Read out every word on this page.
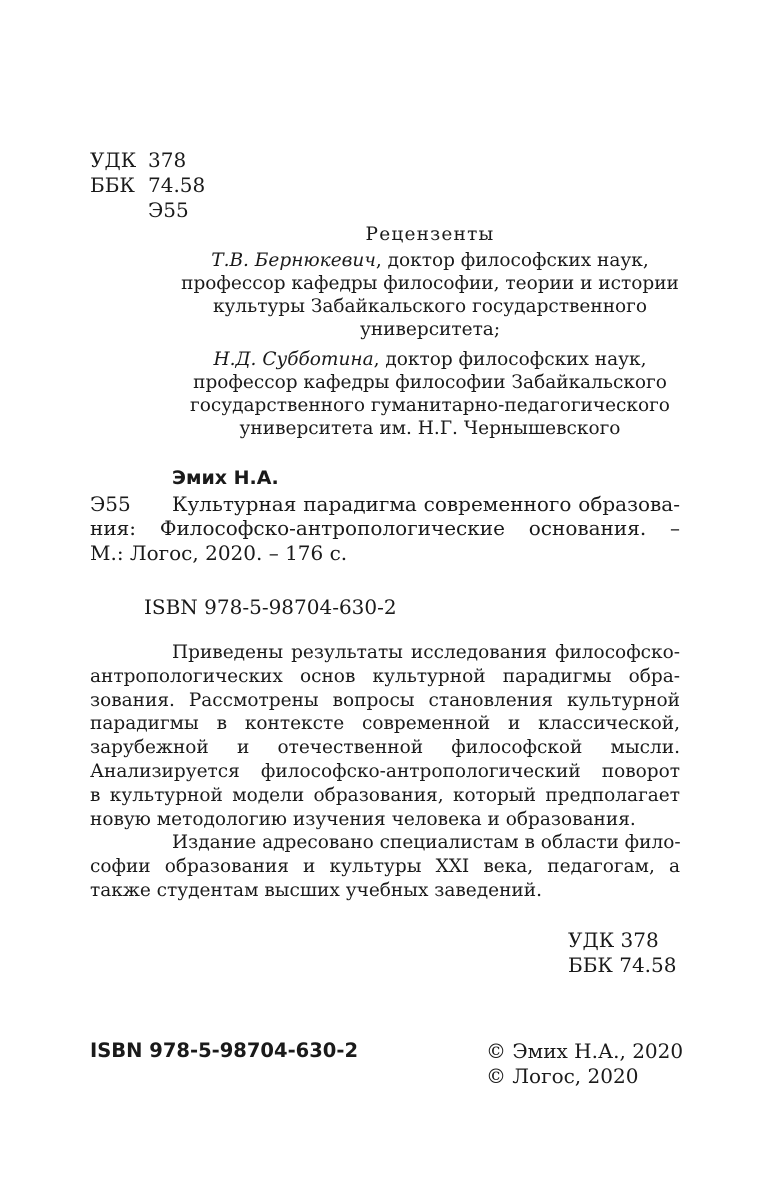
УДК 378
ББК 74.58
Э55
Рецензенты
Т.В. Бернюкевич, доктор философских наук,
профессор кафедры философии, теории и истории
культуры Забайкальского государственного
университета;
Н.Д. Субботина, доктор философских наук,
профессор кафедры философии Забайкальского
государственного гуманитарно-педагогического
университета им. Н.Г. Чернышевского
Эмих Н.А.
Э55 Культурная парадигма современного образова-
ния: Философско-антропологические основания. –
М.: Логос, 2020. – 176 с.
ISBN 978-5-98704-630-2
Приведены результаты исследования философско-
антропологических основ культурной парадигмы обра-
зования. Рассмотрены вопросы становления культурной
парадигмы в контексте современной и классической,
зарубежной и отечественной философской мысли.
Анализируется философско-антропологический поворот
в культурной модели образования, который предполагает
новую методологию изучения человека и образования.
Издание адресовано специалистам в области фило-
софии образования и культуры XXI века, педагогам, а
также студентам высших учебных заведений.
УДК 378
ББК 74.58
ISBN 978-5-98704-630-2	© Эмих Н.А., 2020
© Логос, 2020
